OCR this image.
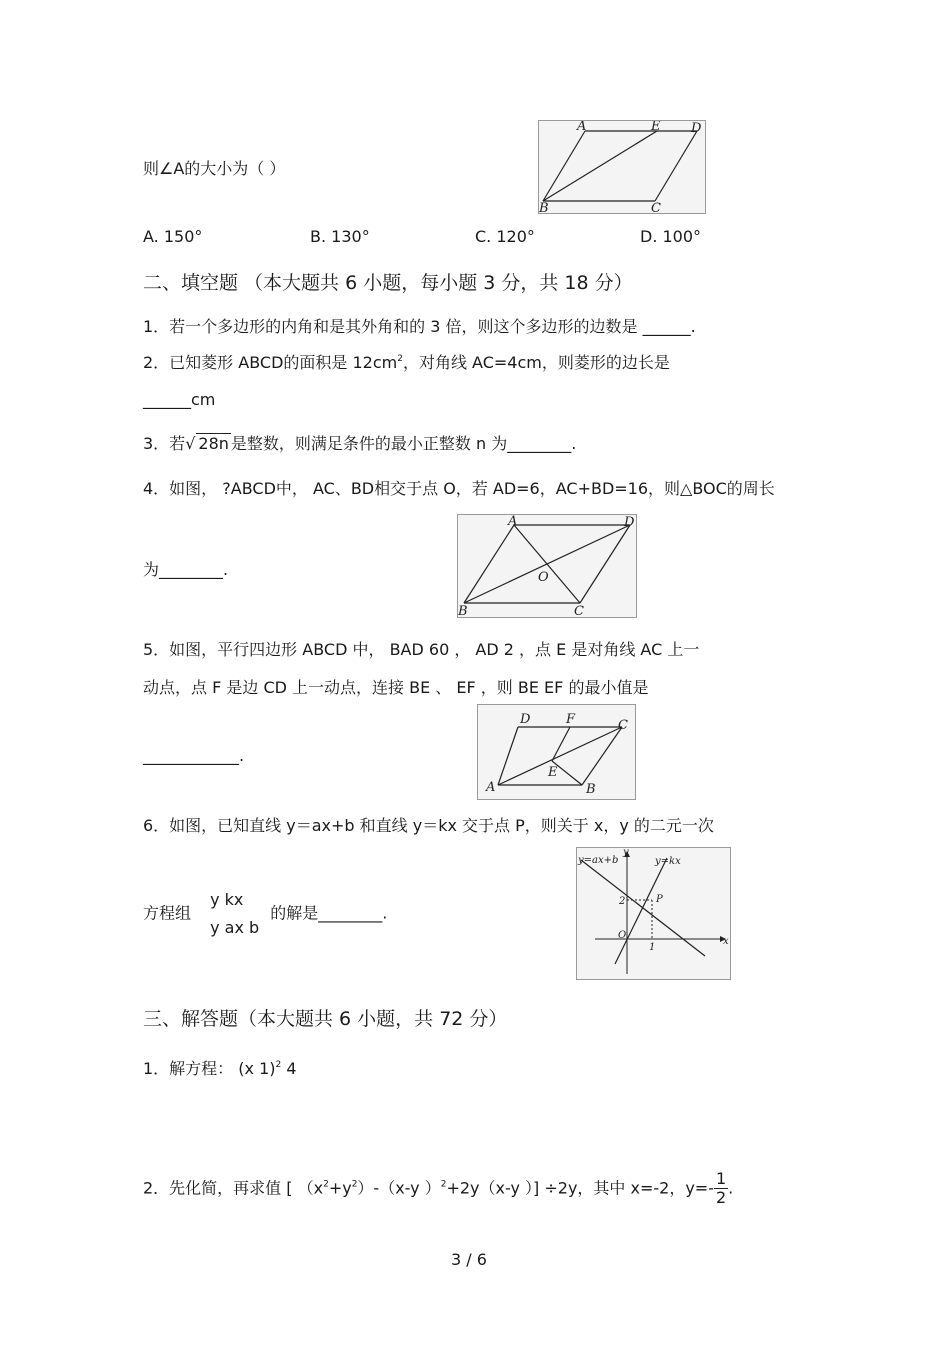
则∠A的大小为（ ）
A	E D
B	C
A. 150°	B. 130°	C. 120°	D. 100°
二、填空题 （本大题共 6 小题，每小题 3 分，共 18 分）
1．若一个多边形的内角和是其外角和的 3 倍，则这个多边形的边数是 ______.
2．已知菱形 ABCD的面积是 $12cm^2$，对角线 AC=4cm，则菱形的边长是
______cm
3．若√ 28n 是整数，则满足条件的最小正整数 n 为________.
4．如图， ?ABCD中， AC、BD相交于点 O，若 AD=6，AC+BD=16，则△BOC的周长
为________.
A	D
O
B	C
5．如图，平行四边形 ABCD 中， BAD 60 ， AD 2 ，点 E 是对角线 AC 上一
动点，点 F 是边 CD 上一动点，连接 BE 、 EF ，则 BE EF 的最小值是
____________.
D	F	C
E
A	B
6．如图，已知直线 y＝ax+b 和直线 y＝kx 交于点 P，则关于 x，y 的二元一次
方程组
y kx
y ax b
的解是________.
y=ax+b
y
y=kx
2	P
O
1
x
三、解答题（本大题共 6 小题，共 72 分）
1．解方程： (x 1)$^2$ 4
2．先化简，再求值 [ $(x^2+y^2)-(x-y$ ）$^2$+2y（x-y ）] ÷2y，其中 x=-2，$y=- \frac{1}{2}$ .
3 / 6
